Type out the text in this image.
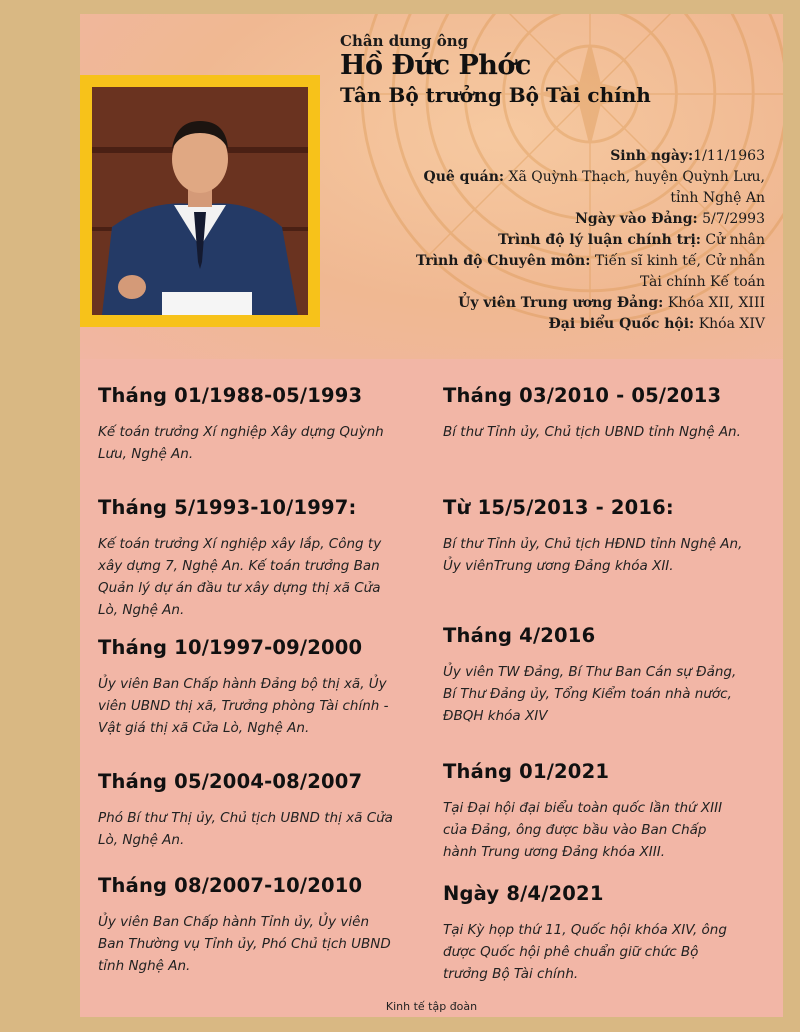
Chân dung ông
Hồ Đức Phớc
Tân Bộ trưởng Bộ Tài chính
Sinh ngày:1/11/1963
Quê quán: Xã Quỳnh Thạch, huyện Quỳnh Lưu,
tỉnh Nghệ An
Ngày vào Đảng: 5/7/2993
Trình độ lý luận chính trị: Cử nhân
Trình độ Chuyên môn: Tiến sĩ kinh tế, Cử nhân
Tài chính Kế toán
Ủy viên Trung ương Đảng: Khóa XII, XIII
Đại biểu Quốc hội: Khóa XIV
Tháng 01/1988-05/1993

Kế toán trưởng Xí nghiệp Xây dựng Quỳnh Lưu, Nghệ An.

Tháng 5/1993-10/1997:

Kế toán trưởng Xí nghiệp xây lắp, Công ty xây dựng 7, Nghệ An. Kế toán trưởng Ban Quản lý dự án đầu tư xây dựng thị xã Cửa Lò, Nghệ An.

Tháng 10/1997-09/2000

Ủy viên Ban Chấp hành Đảng bộ thị xã, Ủy viên UBND thị xã, Trưởng phòng Tài chính - Vật giá thị xã Cửa Lò, Nghệ An.

Tháng 05/2004-08/2007

Phó Bí thư Thị ủy, Chủ tịch UBND thị xã Cửa Lò, Nghệ An.

Tháng 08/2007-10/2010

Ủy viên Ban Chấp hành Tỉnh ủy, Ủy viên Ban Thường vụ Tỉnh ủy, Phó Chủ tịch UBND tỉnh Nghệ An.

Tháng 03/2010 - 05/2013

Bí thư Tỉnh ủy, Chủ tịch UBND tỉnh Nghệ An.

Từ 15/5/2013 - 2016:

Bí thư Tỉnh ủy, Chủ tịch HĐND tỉnh Nghệ An, Ủy viênTrung ương Đảng khóa XII.

Tháng 4/2016

Ủy viên TW Đảng, Bí Thư Ban Cán sự Đảng, Bí Thư Đảng ủy, Tổng Kiểm toán nhà nước, ĐBQH khóa XIV

Tháng 01/2021

Tại Đại hội đại biểu toàn quốc lần thứ XIII của Đảng, ông được bầu vào Ban Chấp hành Trung ương Đảng khóa XIII.

Ngày 8/4/2021

Tại Kỳ họp thứ 11, Quốc hội khóa XIV, ông được Quốc hội phê chuẩn giữ chức Bộ trưởng Bộ Tài chính.

Kinh tế tập đoàn
